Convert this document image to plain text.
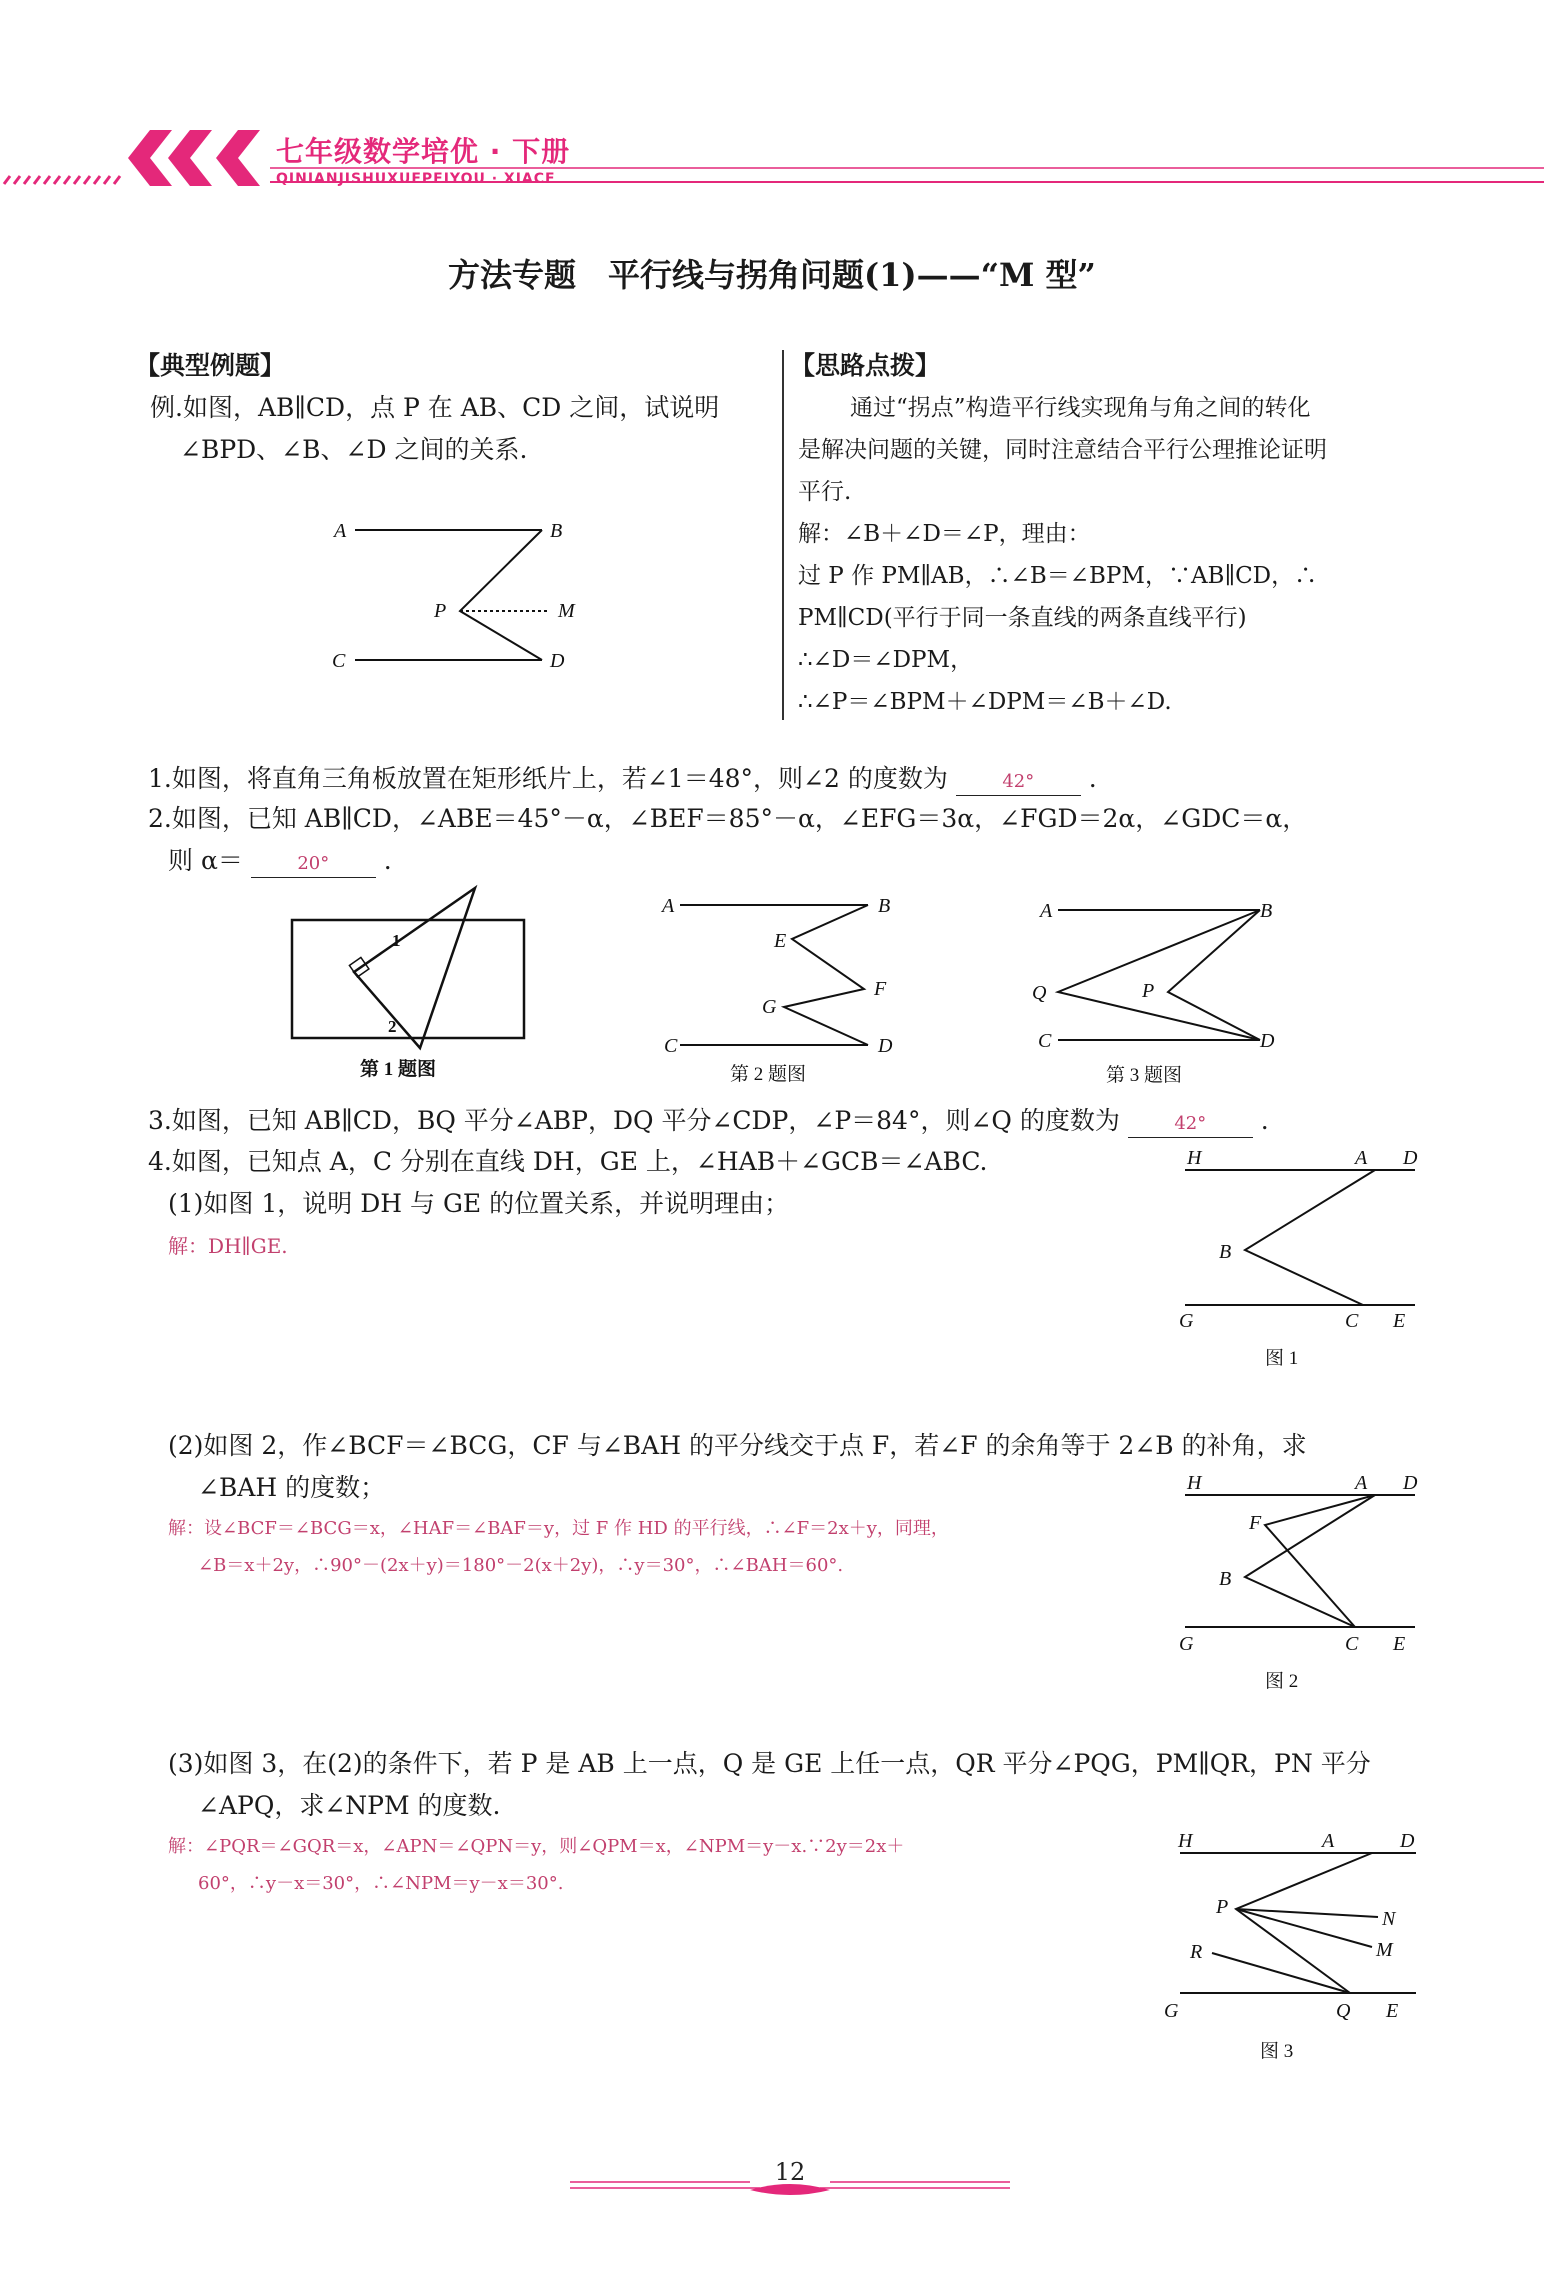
七年级数学培优 · 下册
QINIANJISHUXUEPEIYOU · XIACE
方法专题　平行线与拐角问题(1)——“M 型”
【典型例题】
例.如图，AB∥CD，点 P 在 AB、CD 之间，试说明
∠BPD、∠B、∠D 之间的关系.
A	B
P	M
C	D
【思路点拨】
通过“拐点”构造平行线实现角与角之间的转化
是解决问题的关键，同时注意结合平行公理推论证明
平行.
解：∠B＋∠D＝∠P，理由：
过 P 作 PM∥AB，∴∠B＝∠BPM，∵AB∥CD，∴
PM∥CD(平行于同一条直线的两条直线平行)
∴∠D＝∠DPM，
∴∠P＝∠BPM＋∠DPM＝∠B＋∠D.
1.如图，将直角三角板放置在矩形纸片上，若∠1＝48°，则∠2 的度数为	42° .
2.如图，已知 AB∥CD，∠ABE＝45°－α，∠BEF＝85°－α，∠EFG＝3α，∠FGD＝2α，∠GDC＝α，
则 α＝	20° .
1
2
第 1 题图
A	B
E
F
G
C	D
第 2 题图
A	B
Q	P
C	D
第 3 题图
3.如图，已知 AB∥CD，BQ 平分∠ABP，DQ 平分∠CDP，∠P＝84°，则∠Q 的度数为	42° .
4.如图，已知点 A，C 分别在直线 DH，GE 上，∠HAB＋∠GCB＝∠ABC.
(1)如图 1，说明 DH 与 GE 的位置关系，并说明理由；
解：DH∥GE.
H	A D
B
G	C E
图 1
(2)如图 2，作∠BCF＝∠BCG，CF 与∠BAH 的平分线交于点 F，若∠F 的余角等于 2∠B 的补角，求
∠BAH 的度数；
解：设∠BCF＝∠BCG＝x，∠HAF＝∠BAF＝y，过 F 作 HD 的平行线，∴∠F＝2x＋y，同理，
∠B＝x＋2y，∴90°－(2x＋y)＝180°－2(x＋2y)，∴y＝30°，∴∠BAH＝60°.
H	A D
F
B
G	C E
图 2
(3)如图 3，在(2)的条件下，若 P 是 AB 上一点，Q 是 GE 上任一点，QR 平分∠PQG，PM∥QR，PN 平分
∠APQ，求∠NPM 的度数.
解：∠PQR＝∠GQR＝x，∠APN＝∠QPN＝y，则∠QPM＝x，∠NPM＝y－x.∵2y＝2x＋
60°，∴y－x＝30°，∴∠NPM＝y－x＝30°.
H	A	D
P
N
R	M
G	Q E
图 3
12
